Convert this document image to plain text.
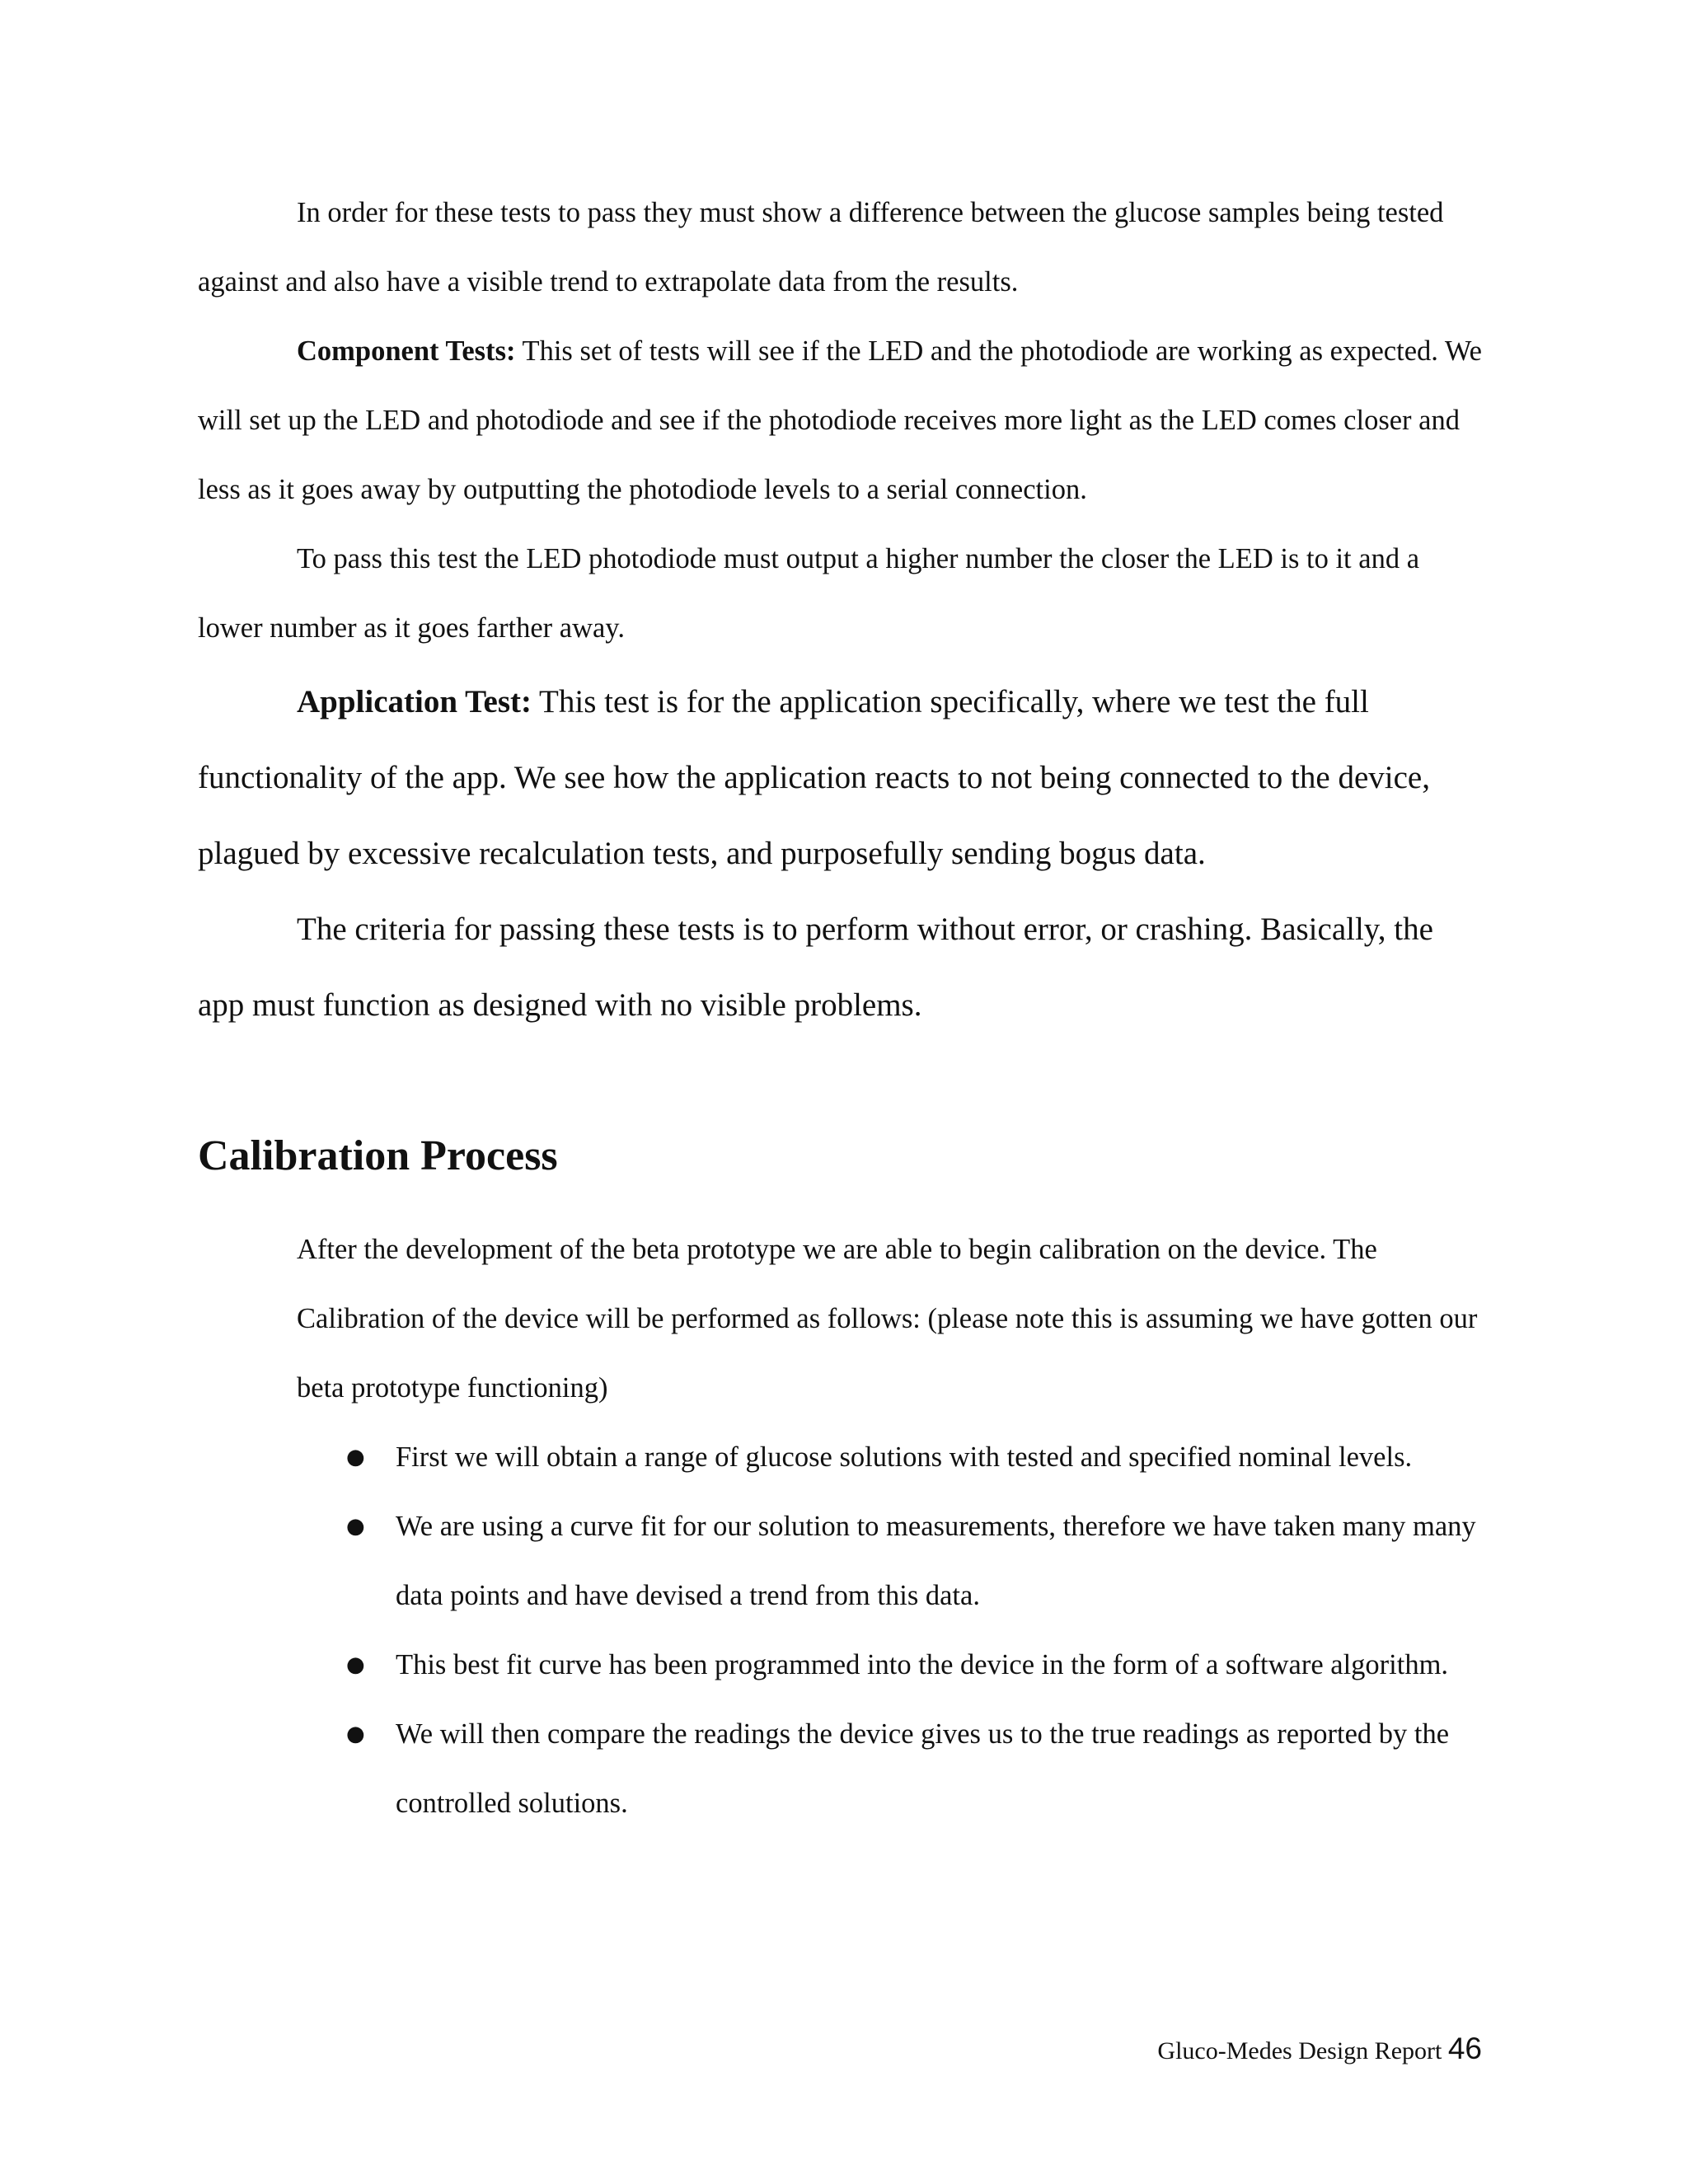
In order for these tests to pass they must show a difference between the glucose samples being tested against and also have a visible trend to extrapolate data from the results.

Component Tests: This set of tests will see if the LED and the photodiode are working as expected. We will set up the LED and photodiode and see if the photodiode receives more light as the LED comes closer and less as it goes away by outputting the photodiode levels to a serial connection.

To pass this test the LED photodiode must output a higher number the closer the LED is to it and a lower number as it goes farther away.

Application Test: This test is for the application specifically, where we test the full functionality of the app. We see how the application reacts to not being connected to the device, plagued by excessive recalculation tests, and purposefully sending bogus data.

The criteria for passing these tests is to perform without error, or crashing. Basically, the app must function as designed with no visible problems.

Calibration Process

After the development of the beta prototype we are able to begin calibration on the device. The Calibration of the device will be performed as follows: (please note this is assuming we have gotten our beta prototype functioning)

● First we will obtain a range of glucose solutions with tested and specified nominal levels.
● We are using a curve fit for our solution to measurements, therefore we have taken many many data points and have devised a trend from this data.
● This best fit curve has been programmed into the device in the form of a software algorithm.
● We will then compare the readings the device gives us to the true readings as reported by the controlled solutions.

Gluco-Medes Design Report 46
